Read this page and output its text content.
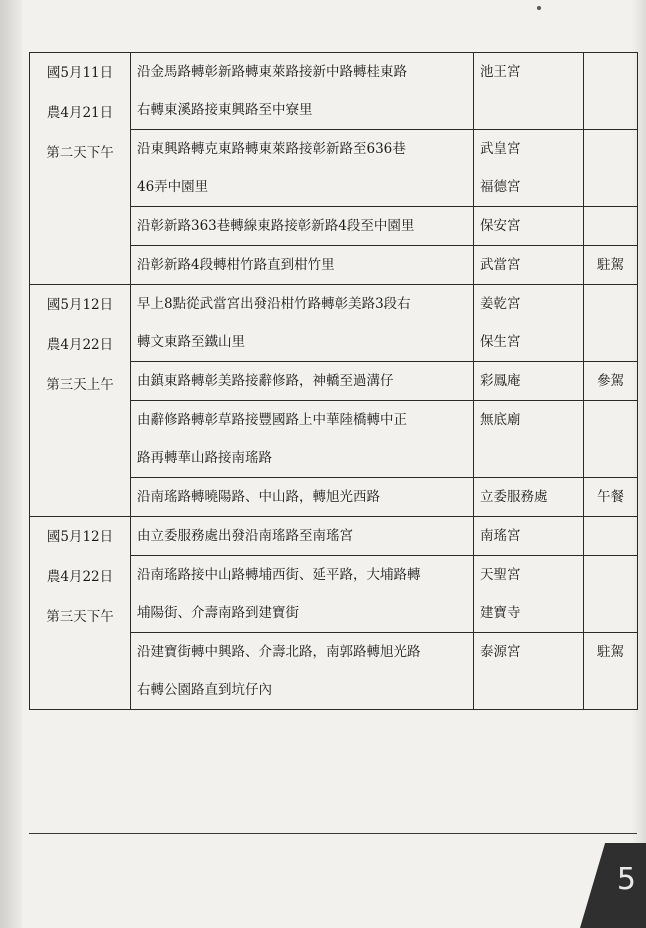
國5月11日
農4月21日
第二天下午	沿金馬路轉彰新路轉東萊路接新中路轉桂東路
右轉東溪路接東興路至中寮里	池王宮	

	沿東興路轉克東路轉東萊路接彰新路至636巷
46弄中園里	武皇宮
福德宮	

	沿彰新路363巷轉線東路接彰新路4段至中園里	保安宮	

	沿彰新路4段轉柑竹路直到柑竹里	武當宮	駐駕

國5月12日
農4月22日
第三天上午	早上8點從武當宮出發沿柑竹路轉彰美路3段右
轉文東路至鐵山里	姜乾宮
保生宮	

	由鎮東路轉彰美路接辭修路，神轎至過溝仔	彩鳳庵	參駕

	由辭修路轉彰草路接豐國路上中華陸橋轉中正
路再轉華山路接南瑤路	無底廟	

	沿南瑤路轉曉陽路、中山路，轉旭光西路	立委服務處	午餐

國5月12日
農4月22日
第三天下午	由立委服務處出發沿南瑤路至南瑤宮	南瑤宮	

	沿南瑤路接中山路轉埔西街、延平路，大埔路轉
埔陽街、介壽南路到建寶街	天聖宮
建寶寺	

	沿建寶街轉中興路、介壽北路，南郭路轉旭光路
右轉公園路直到坑仔內	泰源宮	駐駕
5
